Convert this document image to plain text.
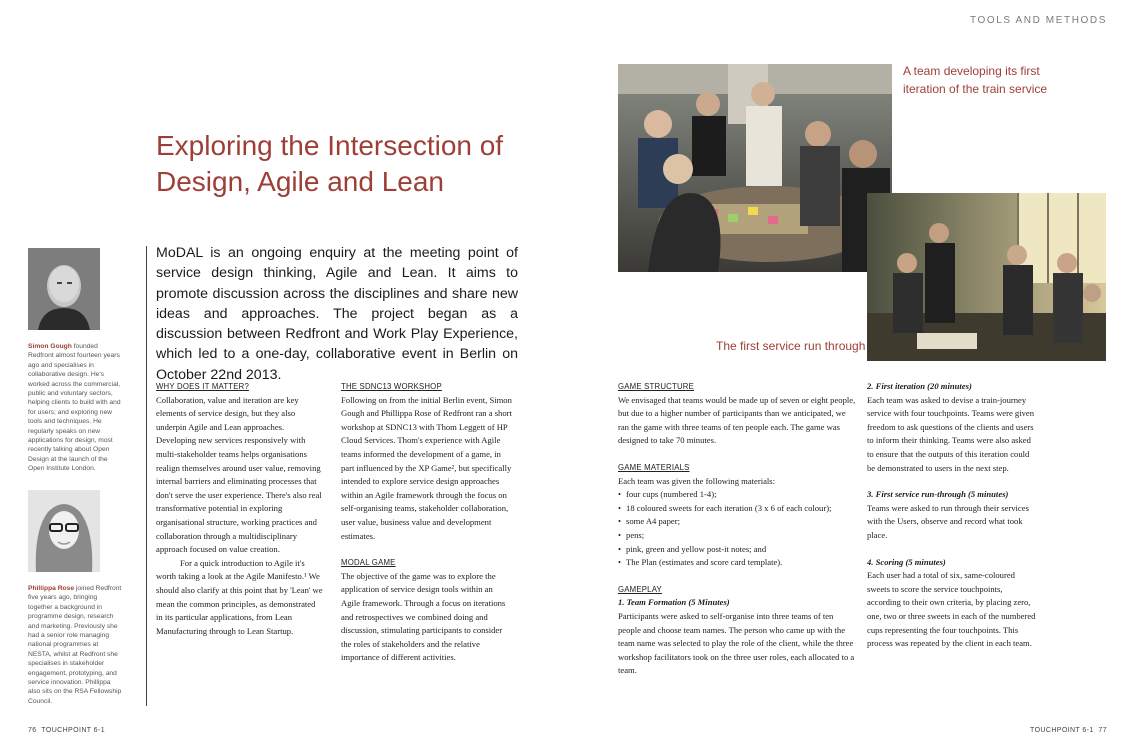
TOOLS AND METHODS
Exploring the Intersection of
Design, Agile and Lean

MoDAL is an ongoing enquiry at the meeting point of service design thinking, Agile and Lean. It aims to promote discussion across the disciplines and share new ideas and approaches. The project began as a discussion between Redfront and Work Play Experience, which led to a one-day, collaborative event in Berlin on October 22nd 2013.

Simon Gough founded Redfront almost fourteen years ago and specialises in collaborative design. He's worked across the commercial, public and voluntary sectors, helping clients to build with and for users; and exploring new tools and techniques. He regularly speaks on new applications for design, most recently talking about Open Design at the launch of the Open Institute London.
Phillippa Rose joined Redfront five years ago, bringing together a background in programme design, research and marketing. Previously she had a senior role managing national programmes at NESTA, whilst at Redfront she specialises in stakeholder engagement, prototyping, and service innovation. Phillippa also sits on the RSA Fellowship Council.

WHY DOES IT MATTER?

Collaboration, value and iteration are key elements of service design, but they also underpin Agile and Lean approaches. Developing new services responsively with multi-stakeholder teams helps organisations realign themselves around user value, removing internal barriers and eliminating processes that don't serve the user experience. There's also real transformative potential in exploring organisational structure, working practices and collaboration through a multidisciplinary approach focused on value creation.

For a quick introduction to Agile it's worth taking a look at the Agile Manifesto.¹ We should also clarify at this point that by 'Lean' we mean the common principles, as demonstrated in its particular applications, from Lean Manufacturing through to Lean Startup.

THE SDNC13 WORKSHOP

Following on from the initial Berlin event, Simon Gough and Phillippa Rose of Redfront ran a short workshop at SDNC13 with Thom Leggett of HP Cloud Services. Thom's experience with Agile teams informed the development of a game, in part influenced by the XP Game², but specifically intended to explore service design approaches within an Agile framework through the focus on self-organising teams, stakeholder collaboration, user value, business value and development estimates.

MODAL GAME

The objective of the game was to explore the application of service design tools within an Agile framework. Through a focus on iterations and retrospectives we combined doing and discussion, stimulating participants to consider the roles of stakeholders and the relative importance of different activities.

A team developing its first iteration of the train service
The first service run through

GAME STRUCTURE

We envisaged that teams would be made up of seven or eight people, but due to a higher number of participants than we anticipated, we ran the game with three teams of ten people each. The game was designed to take 70 minutes.

GAME MATERIALS

Each team was given the following materials:

• four cups (numbered 1-4);
• 18 coloured sweets for each iteration (3 x 6 of each colour);
• some A4 paper;
• pens;
• pink, green and yellow post-it notes; and
• The Plan (estimates and score card template).

GAMEPLAY

1. Team Formation (5 Minutes)

Participants were asked to self-organise into three teams of ten people and choose team names. The person who came up with the team name was selected to play the role of the client, while the three workshop facilitators took on the three user roles, each allocated to a team.

2. First iteration (20 minutes)

Each team was asked to devise a train-journey service with four touchpoints. Teams were given freedom to ask questions of the clients and users to inform their thinking. Teams were also asked to ensure that the outputs of this iteration could be demonstrated to users in the next step.

3. First service run-through (5 minutes)

Teams were asked to run through their services with the Users, observe and record what took place.

4. Scoring (5 minutes)

Each user had a total of six, same-coloured sweets to score the service touchpoints, according to their own criteria, by placing zero, one, two or three sweets in each of the numbered cups representing the four touchpoints. This process was repeated by the client in each team.

76 TOUCHPOINT 6-1	TOUCHPOINT 6-1 77
